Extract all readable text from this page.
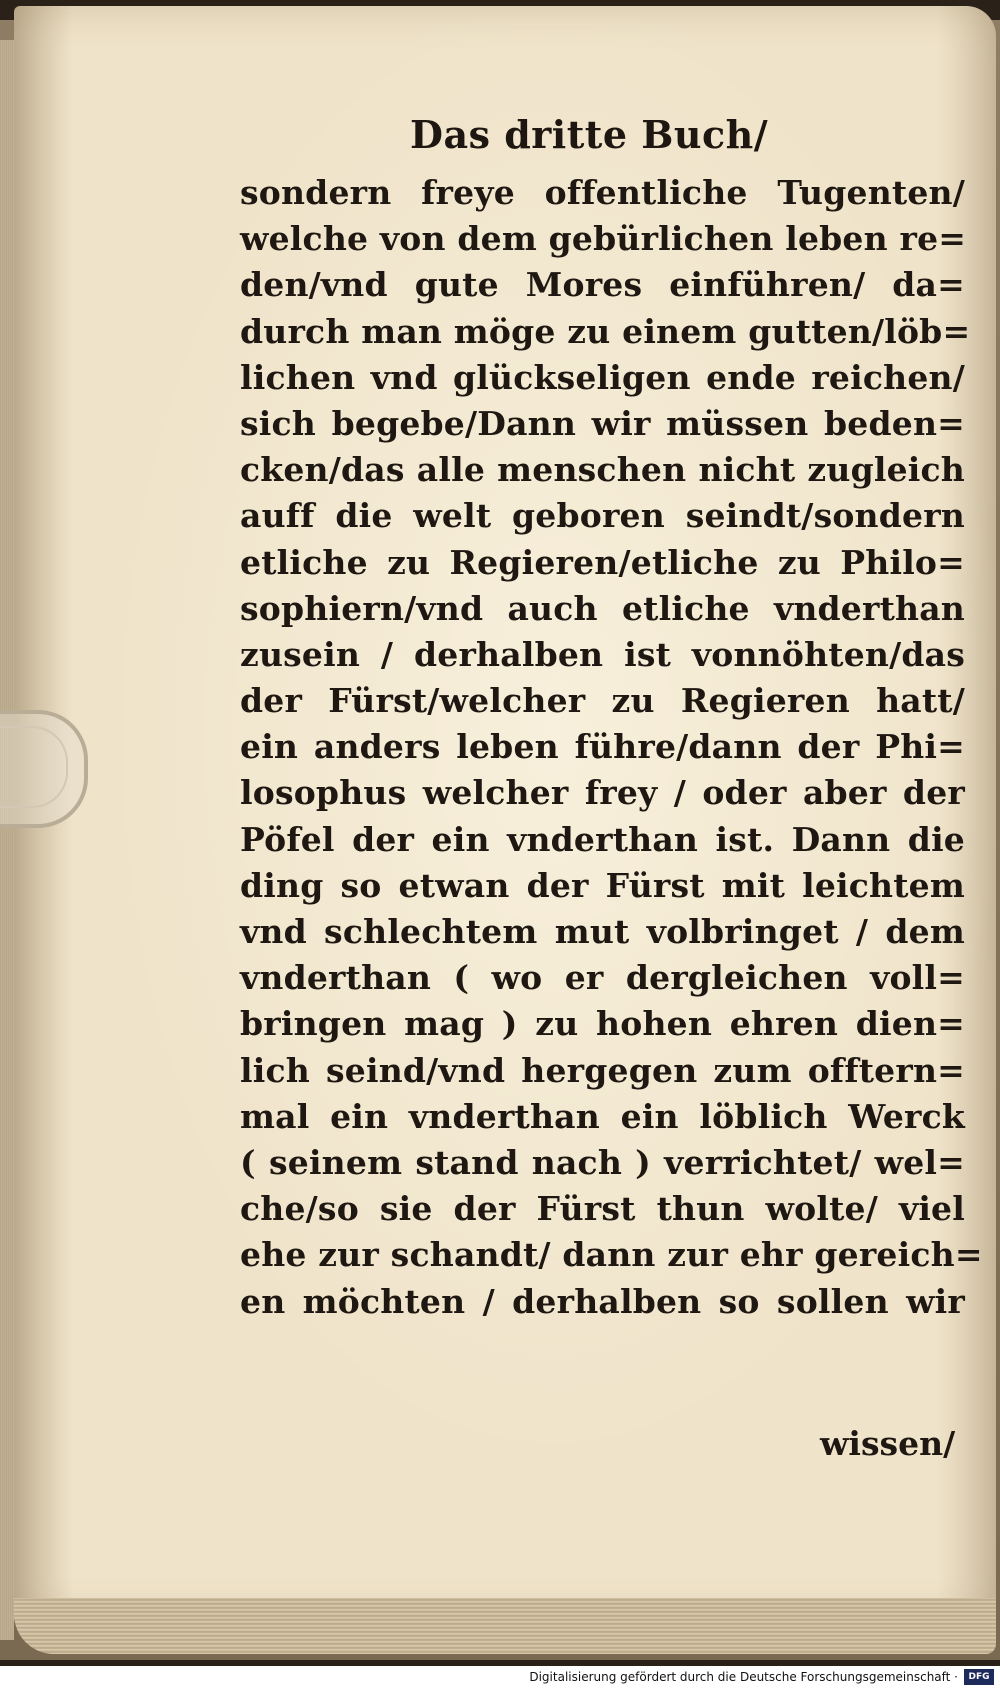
Das dritte Buch/
sondern freye offentliche Tugenten/
welche von dem gebürlichen leben re=
den/vnd gute Mores einführen/ da=
durch man möge zu einem gutten/löb=
lichen vnd glückseligen ende reichen/
sich begebe/Dann wir müssen beden=
cken/das alle menschen nicht zugleich
auff die welt geboren seindt/sondern
etliche zu Regieren/etliche zu Philo=
sophiern/vnd auch etliche vnderthan
zusein / derhalben ist vonnöhten/das
der Fürst/welcher zu Regieren hatt/
ein anders leben führe/dann der Phi=
losophus welcher frey / oder aber der
Pöfel der ein vnderthan ist. Dann die
ding so etwan der Fürst mit leichtem
vnd schlechtem mut volbringet / dem
vnderthan ( wo er dergleichen voll=
bringen mag ) zu hohen ehren dien=
lich seind/vnd hergegen zum offtern=
mal ein vnderthan ein löblich Werck
( seinem stand nach ) verrichtet/ wel=
che/so sie der Fürst thun wolte/ viel
ehe zur schandt/ dann zur ehr gereich=
en möchten / derhalben so sollen wir
wissen/
Digitalisierung gefördert durch die Deutsche Forschungsgemeinschaft ·	DFG
